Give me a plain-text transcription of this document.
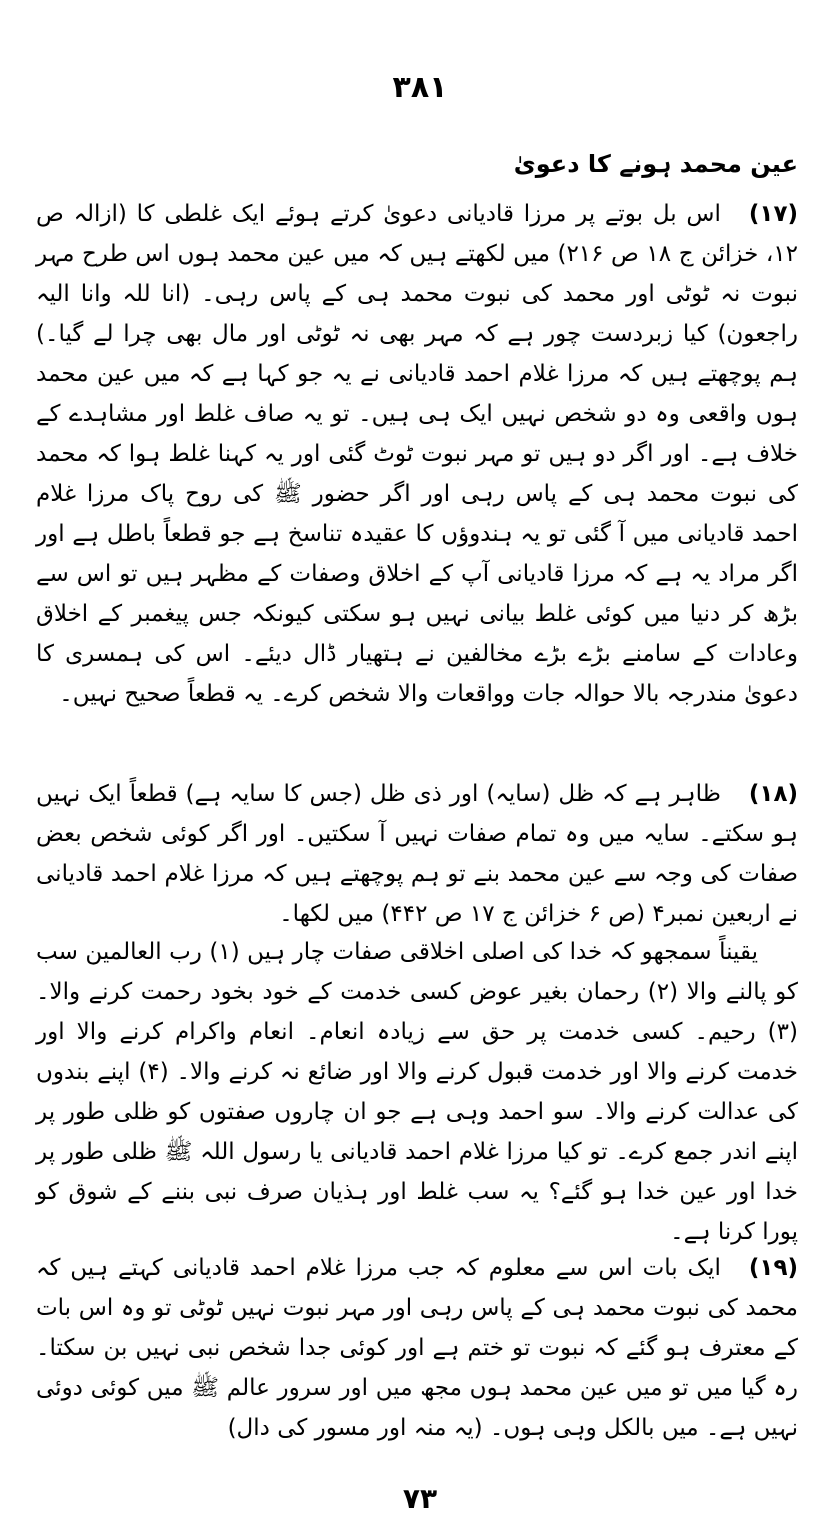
۳۸۱
عین محمد ہونے کا دعویٰ
(۱۷)اس بل بوتے پر مرزا قادیانی دعویٰ کرتے ہوئے ایک غلطی کا (ازالہ ص ۱۲، خزائن ج ۱۸ ص ۲۱۶) میں لکھتے ہیں کہ میں عین محمد ہوں اس طرح مہر نبوت نہ ٹوٹی اور محمد کی نبوت محمد ہی کے پاس رہی۔ (انا للہ وانا الیہ راجعون) کیا زبردست چور ہے کہ مہر بھی نہ ٹوٹی اور مال بھی چرا لے گیا۔) ہم پوچھتے ہیں کہ مرزا غلام احمد قادیانی نے یہ جو کہا ہے کہ میں عین محمد ہوں واقعی وہ دو شخص نہیں ایک ہی ہیں۔ تو یہ صاف غلط اور مشاہدے کے خلاف ہے۔ اور اگر دو ہیں تو مہر نبوت ٹوٹ گئی اور یہ کہنا غلط ہوا کہ محمد کی نبوت محمد ہی کے پاس رہی اور اگر حضور ﷺ کی روح پاک مرزا غلام احمد قادیانی میں آ گئی تو یہ ہندوؤں کا عقیدہ تناسخ ہے جو قطعاً باطل ہے اور اگر مراد یہ ہے کہ مرزا قادیانی آپ کے اخلاق وصفات کے مظہر ہیں تو اس سے بڑھ کر دنیا میں کوئی غلط بیانی نہیں ہو سکتی کیونکہ جس پیغمبر کے اخلاق وعادات کے سامنے بڑے بڑے مخالفین نے ہتھیار ڈال دیئے۔ اس کی ہمسری کا دعویٰ مندرجہ بالا حوالہ جات وواقعات والا شخص کرے۔ یہ قطعاً صحیح نہیں۔
(۱۸)ظاہر ہے کہ ظل (سایہ) اور ذی ظل (جس کا سایہ ہے) قطعاً ایک نہیں ہو سکتے۔ سایہ میں وہ تمام صفات نہیں آ سکتیں۔ اور اگر کوئی شخص بعض صفات کی وجہ سے عین محمد بنے تو ہم پوچھتے ہیں کہ مرزا غلام احمد قادیانی نے اربعین نمبر۴ (ص ۶ خزائن ج ۱۷ ص ۴۴۲) میں لکھا۔
یقیناً سمجھو کہ خدا کی اصلی اخلاقی صفات چار ہیں (۱) رب العالمین سب کو پالنے والا (۲) رحمان بغیر عوض کسی خدمت کے خود بخود رحمت کرنے والا۔ (۳) رحیم۔ کسی خدمت پر حق سے زیادہ انعام۔ انعام واکرام کرنے والا اور خدمت کرنے والا اور خدمت قبول کرنے والا اور ضائع نہ کرنے والا۔ (۴) اپنے بندوں کی عدالت کرنے والا۔ سو احمد وہی ہے جو ان چاروں صفتوں کو ظلی طور پر اپنے اندر جمع کرے۔ تو کیا مرزا غلام احمد قادیانی یا رسول اللہ ﷺ ظلی طور پر خدا اور عین خدا ہو گئے؟ یہ سب غلط اور ہذیان صرف نبی بننے کے شوق کو پورا کرنا ہے۔
(۱۹)ایک بات اس سے معلوم کہ جب مرزا غلام احمد قادیانی کہتے ہیں کہ محمد کی نبوت محمد ہی کے پاس رہی اور مہر نبوت نہیں ٹوٹی تو وہ اس بات کے معترف ہو گئے کہ نبوت تو ختم ہے اور کوئی جدا شخص نبی نہیں بن سکتا۔ رہ گیا میں تو میں عین محمد ہوں مجھ میں اور سرور عالم ﷺ میں کوئی دوئی نہیں ہے۔ میں بالکل وہی ہوں۔ (یہ منہ اور مسور کی دال)
۷۳
